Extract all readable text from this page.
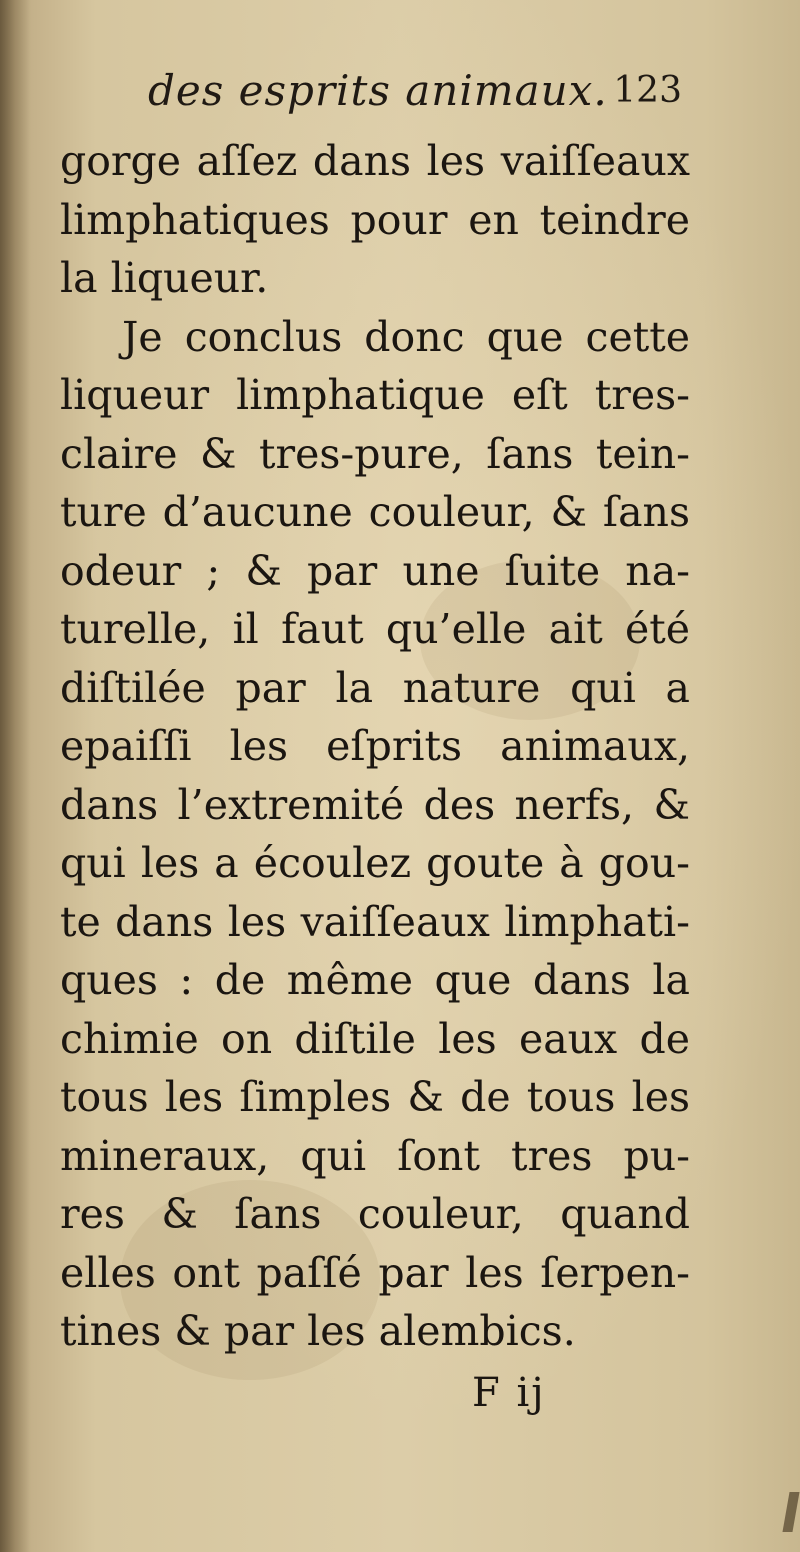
des esprits animaux. 123
gorge aſſez dans les vaiſſeaux
limphatiques pour en teindre
la liqueur.
Je conclus donc que cette
liqueur limphatique eſt tres-
claire & tres-pure, ſans tein-
ture d’aucune couleur, & ſans
odeur ; & par une ſuite na-
turelle, il faut qu’elle ait été
diſtilée par la nature qui a
epaiſſi les eſprits animaux,
dans l’extremité des nerfs, &
qui les a écoulez goute à gou-
te dans les vaiſſeaux limphati-
ques : de même que dans la
chimie on diſtile les eaux de
tous les ſimples & de tous les
mineraux, qui ſont tres pu-
res & ſans couleur, quand
elles ont paſſé par les ſerpen-
tines & par les alembics.
F ij
